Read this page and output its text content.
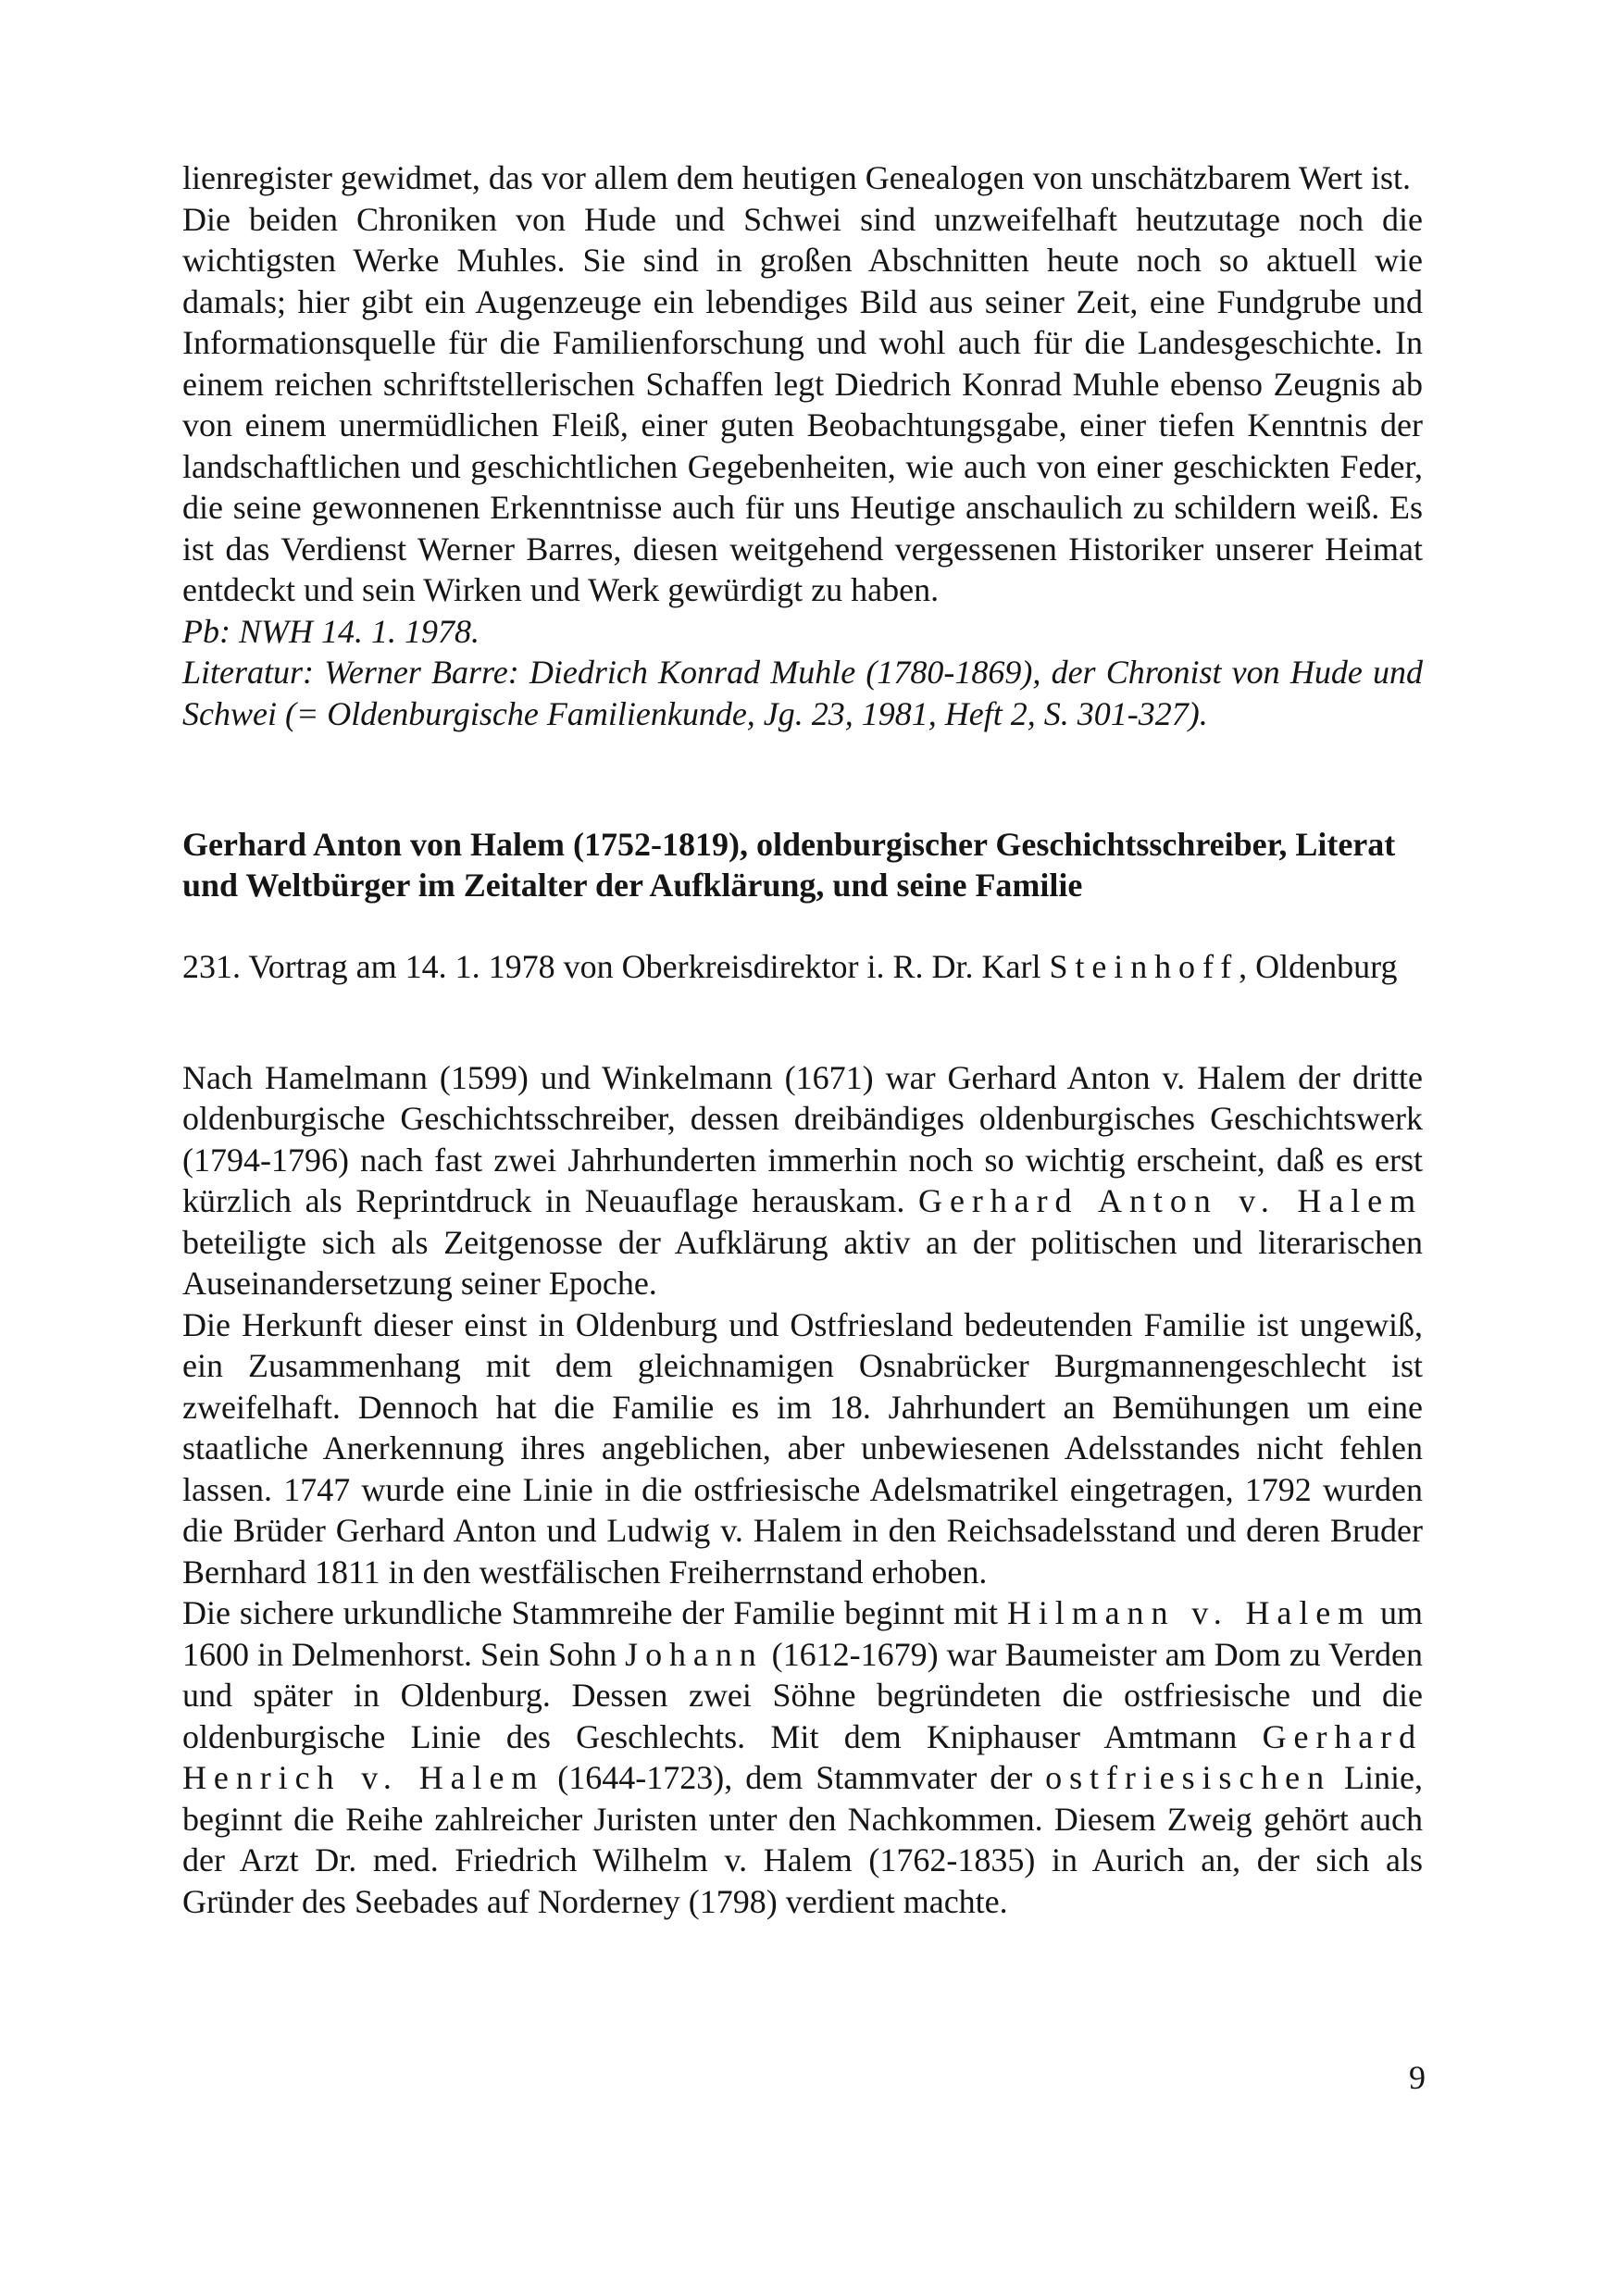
lienregister gewidmet, das vor allem dem heutigen Genealogen von unschätzbarem Wert ist.

Die beiden Chroniken von Hude und Schwei sind unzweifelhaft heutzutage noch die wichtigsten Werke Muhles. Sie sind in großen Abschnitten heute noch so aktuell wie damals; hier gibt ein Augenzeuge ein lebendiges Bild aus seiner Zeit, eine Fundgrube und Informationsquelle für die Familienforschung und wohl auch für die Landesgeschichte. In einem reichen schriftstellerischen Schaffen legt Diedrich Konrad Muhle ebenso Zeugnis ab von einem unermüdlichen Fleiß, einer guten Beobachtungsgabe, einer tiefen Kenntnis der landschaftlichen und geschichtlichen Gegebenheiten, wie auch von einer geschickten Feder, die seine gewonnenen Erkenntnisse auch für uns Heutige anschaulich zu schildern weiß. Es ist das Verdienst Werner Barres, diesen weitgehend vergessenen Historiker unserer Heimat entdeckt und sein Wirken und Werk gewürdigt zu haben.

Pb: NWH 14. 1. 1978.

Literatur: Werner Barre: Diedrich Konrad Muhle (1780-1869), der Chronist von Hude und Schwei (= Oldenburgische Familienkunde, Jg. 23, 1981, Heft 2, S. 301-327).

Gerhard Anton von Halem (1752-1819), oldenburgischer Geschichtsschreiber, Literat und Weltbürger im Zeitalter der Aufklärung, und seine Familie

231. Vortrag am 14. 1. 1978 von Oberkreisdirektor i. R. Dr. Karl Steinhoff, Oldenburg

Nach Hamelmann (1599) und Winkelmann (1671) war Gerhard Anton v. Halem der dritte oldenburgische Geschichtsschreiber, dessen dreibändiges oldenburgisches Geschichtswerk (1794-1796) nach fast zwei Jahrhunderten immerhin noch so wichtig erscheint, daß es erst kürzlich als Reprintdruck in Neuauflage herauskam. Gerhard Anton v. Halem beteiligte sich als Zeitgenosse der Aufklärung aktiv an der politischen und literarischen Auseinandersetzung seiner Epoche.

Die Herkunft dieser einst in Oldenburg und Ostfriesland bedeutenden Familie ist ungewiß, ein Zusammenhang mit dem gleichnamigen Osnabrücker Burgmannengeschlecht ist zweifelhaft. Dennoch hat die Familie es im 18. Jahrhundert an Bemühungen um eine staatliche Anerkennung ihres angeblichen, aber unbewiesenen Adelsstandes nicht fehlen lassen. 1747 wurde eine Linie in die ostfriesische Adelsmatrikel eingetragen, 1792 wurden die Brüder Gerhard Anton und Ludwig v. Halem in den Reichsadelsstand und deren Bruder Bernhard 1811 in den westfälischen Freiherrnstand erhoben.

Die sichere urkundliche Stammreihe der Familie beginnt mit Hilmann v. Halem um 1600 in Delmenhorst. Sein Sohn Johann (1612-1679) war Baumeister am Dom zu Verden und später in Oldenburg. Dessen zwei Söhne begründeten die ostfriesische und die oldenburgische Linie des Geschlechts. Mit dem Kniphauser Amtmann Gerhard Henrich v. Halem (1644-1723), dem Stammvater der ostfriesischen Linie, beginnt die Reihe zahlreicher Juristen unter den Nachkommen. Diesem Zweig gehört auch der Arzt Dr. med. Friedrich Wilhelm v. Halem (1762-1835) in Aurich an, der sich als Gründer des Seebades auf Norderney (1798) verdient machte.

9
